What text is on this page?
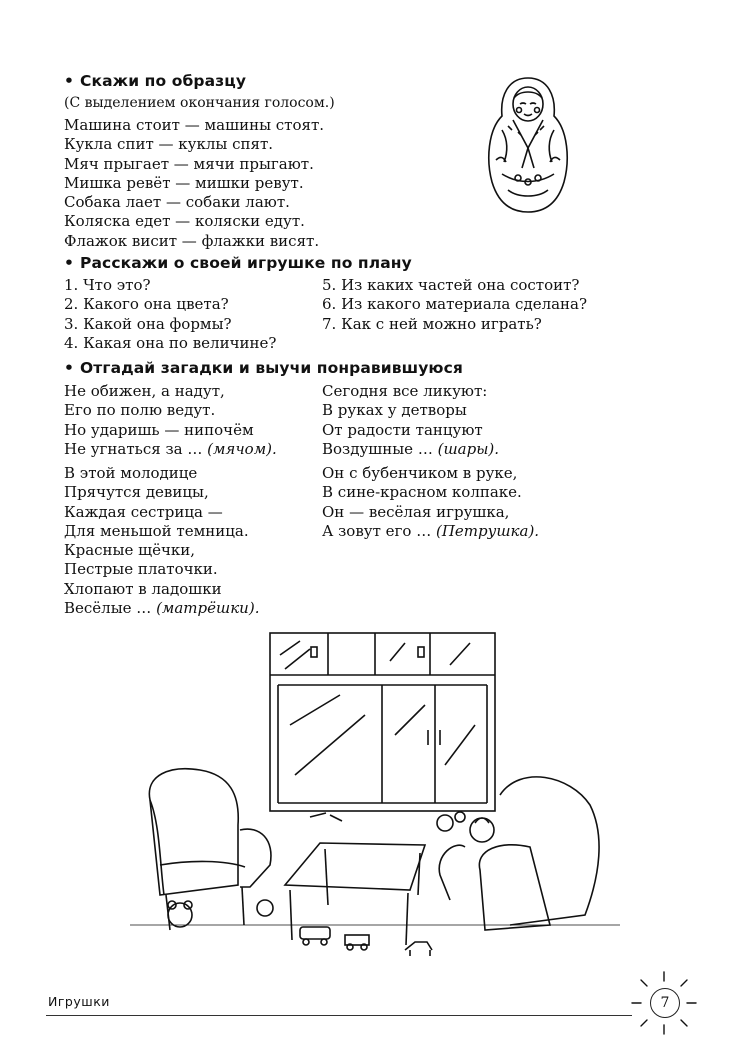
• Скажи по образцу
(С выделением окончания голосом.)
Машина стоит — машины стоят.
Кукла спит — куклы спят.
Мяч прыгает — мячи прыгают.
Мишка ревёт — мишки ревут.
Собака лает — собаки лают.
Коляска едет — коляски едут.
Флажок висит — флажки висят.
• Расскажи о своей игрушке по плану
1. Что это?
2. Какого она цвета?
3. Какой она формы?
4. Какая она по величине?
5. Из каких частей она состоит?
6. Из какого материала сделана?
7. Как с ней можно играть?
• Отгадай загадки и выучи понравившуюся
Не обижен, а надут,
Его по полю ведут.
Но ударишь — нипочём
Не угнаться за … (мячом).
Сегодня все ликуют:
В руках у детворы
От радости танцуют
Воздушные … (шары).
В этой молодице
Прячутся девицы,
Каждая сестрица —
Для меньшой темница.
Красные щёчки,
Пестрые платочки.
Хлопают в ладошки
Весёлые … (матрёшки).
Он с бубенчиком в руке,
В сине-красном колпаке.
Он — весёлая игрушка,
А зовут его … (Петрушка).
Игрушки	7
